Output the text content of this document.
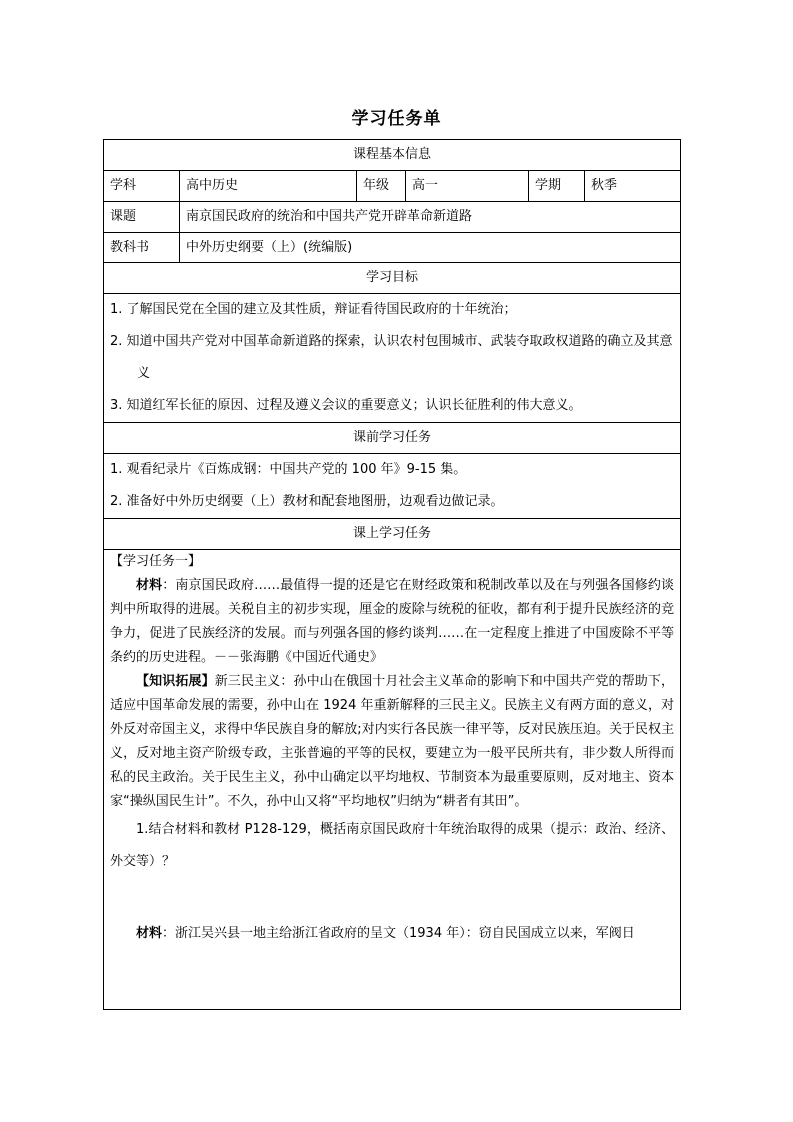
学习任务单
课程基本信息					
学科	高中历史	年级	高一	学期	秋季
课题	南京国民政府的统治和中国共产党开辟革命新道路				
教科书	中外历史纲要（上）(统编版)				
学习目标					

1. 了解国民党在全国的建立及其性质，辩证看待国民政府的十年统治；

2. 知道中国共产党对中国革命新道路的探索，认识农村包围城市、武装夺取政权道路的确立及其意义

3. 知道红军长征的原因、过程及遵义会议的重要意义；认识长征胜利的伟大意义。					

课前学习任务					

1. 观看纪录片《百炼成钢：中国共产党的 100 年》9-15 集。

2. 准备好中外历史纲要（上）教材和配套地图册，边观看边做记录。					

课上学习任务					

【学习任务一】

材料：南京国民政府……最值得一提的还是它在财经政策和税制改革以及在与列强各国修约谈判中所取得的进展。关税自主的初步实现，厘金的废除与统税的征收，都有利于提升民族经济的竞争力，促进了民族经济的发展。而与列强各国的修约谈判……在一定程度上推进了中国废除不平等条约的历史进程。－－张海鹏《中国近代通史》

【知识拓展】新三民主义：孙中山在俄国十月社会主义革命的影响下和中国共产党的帮助下，适应中国革命发展的需要，孙中山在 1924 年重新解释的三民主义。民族主义有两方面的意义，对外反对帝国主义，求得中华民族自身的解放;对内实行各民族一律平等，反对民族压迫。关于民权主义，反对地主资产阶级专政，主张普遍的平等的民权，要建立为一般平民所共有，非少数人所得而私的民主政治。关于民生主义，孙中山确定以平均地权、节制资本为最重要原则，反对地主、资本家“操纵国民生计”。不久，孙中山又将“平均地权”归纳为“耕者有其田”。

1.结合材料和教材 P128-129，概括南京国民政府十年统治取得的成果（提示：政治、经济、外交等）？

材料：浙江吴兴县一地主给浙江省政府的呈文（1934 年）：窃自民国成立以来，军阀日					
